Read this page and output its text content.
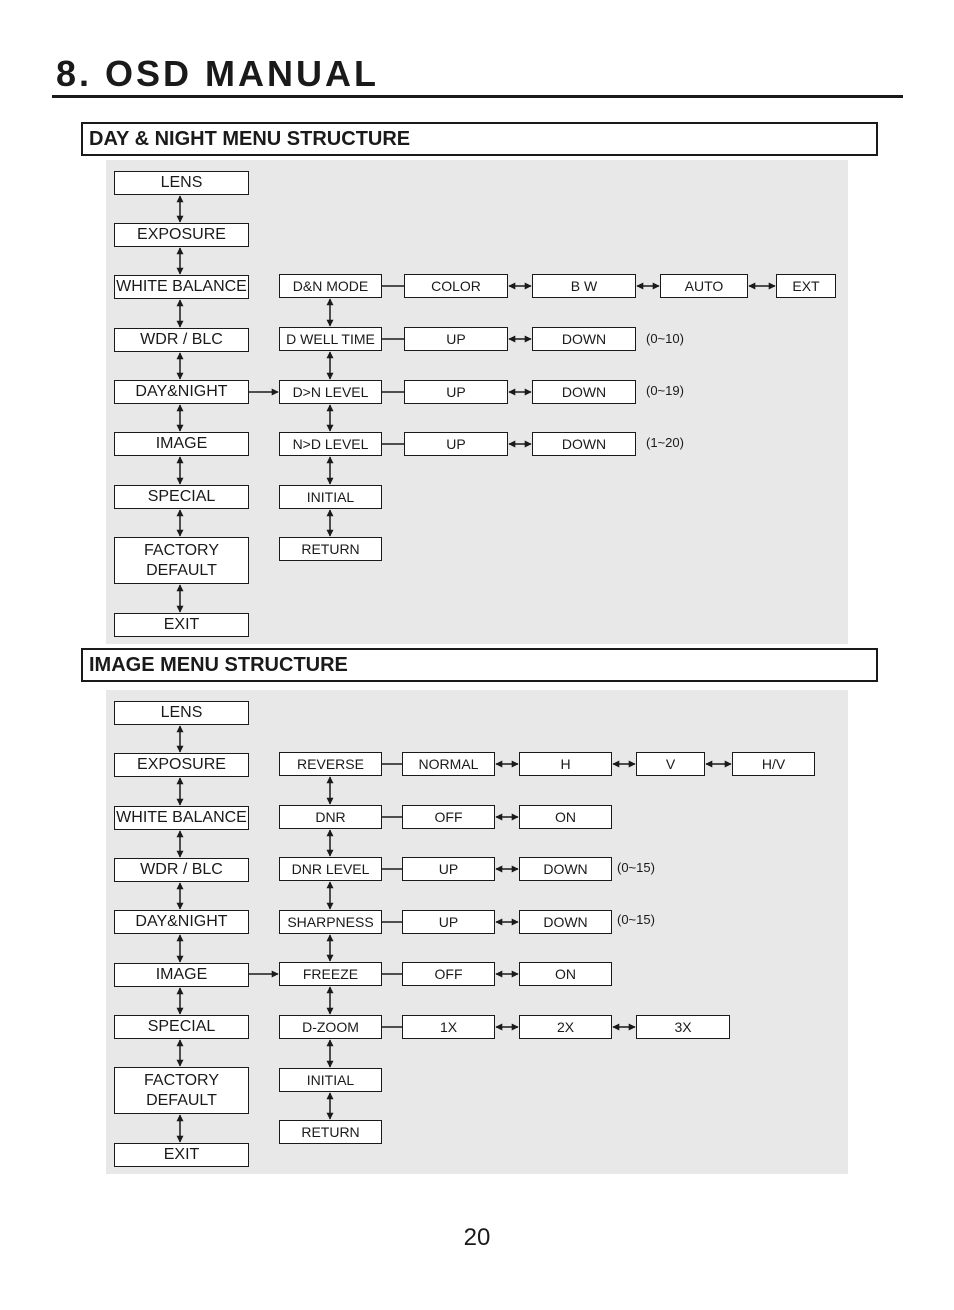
8. OSD MANUAL
DAY & NIGHT MENU STRUCTURE
LENS
EXPOSURE
WHITE BALANCE
WDR / BLC
DAY&NIGHT
IMAGE
SPECIAL
FACTORY
DEFAULT
EXIT
D&N MODE
D WELL TIME
D>N LEVEL
N>D LEVEL
INITIAL
RETURN
COLOR	B W	AUTO	EXT
UP	DOWN	(0~10)
UP	DOWN	(0~19)
UP	DOWN	(1~20)
IMAGE MENU STRUCTURE
LENS
EXPOSURE
WHITE BALANCE
WDR / BLC
DAY&NIGHT
IMAGE
SPECIAL
FACTORY
DEFAULT
EXIT
REVERSE
DNR
DNR LEVEL
SHARPNESS
FREEZE
D-ZOOM
INITIAL
RETURN
NORMAL	H	V	H/V
OFF	ON
UP	DOWN	(0~15)
UP	DOWN	(0~15)
OFF	ON
1X	2X	3X
20
